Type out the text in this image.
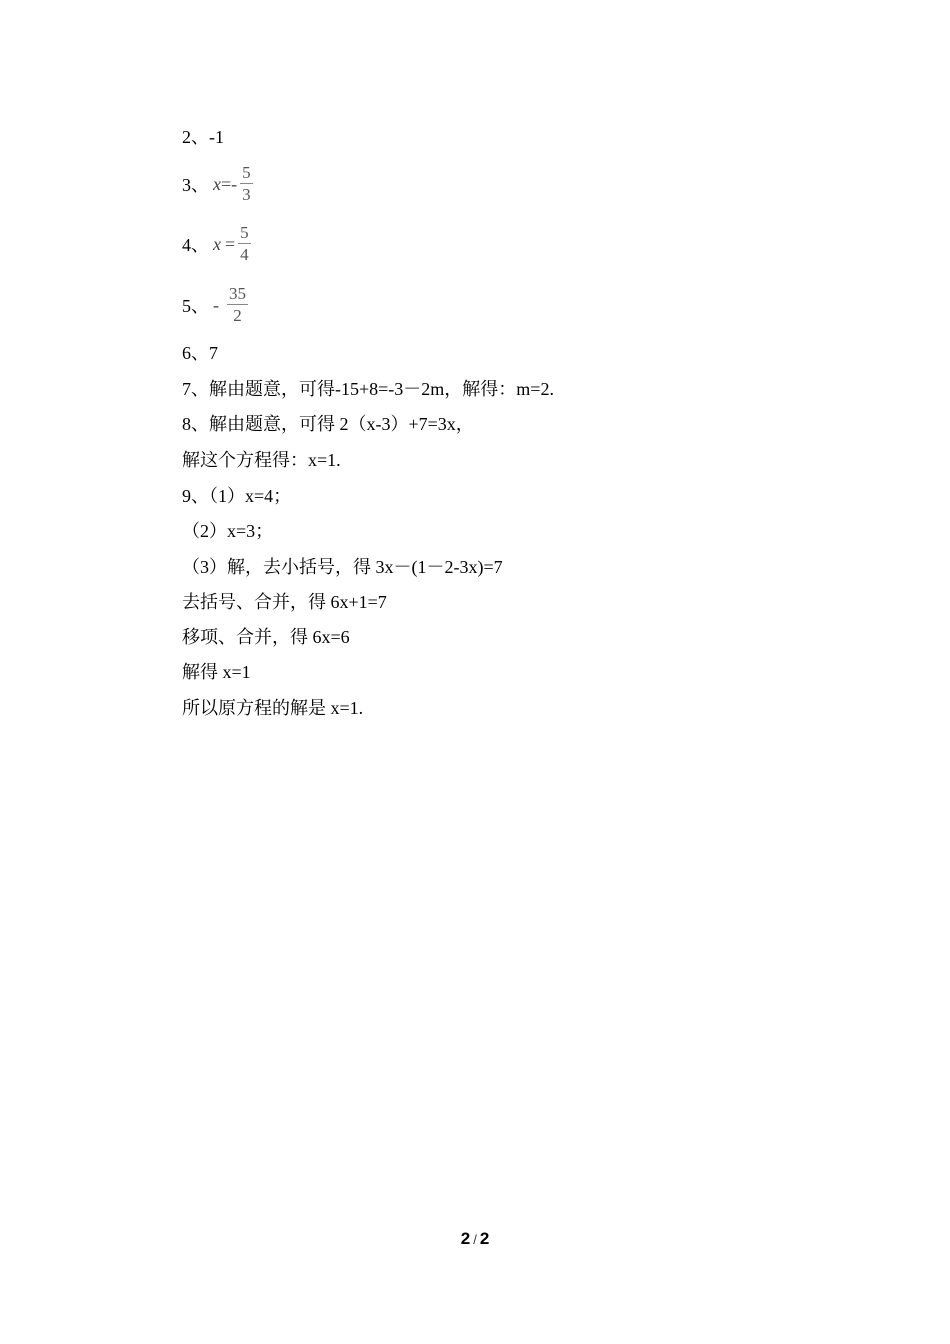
2、-1
3、 $x =- \frac{5}{3}$
4、 $x = \frac{5}{4}$
5、 - $\frac{35}{2}$
6、7
7、解由题意，可得-15+8=-3－2m，解得：m=2.
8、解由题意，可得 2（x-3）+7=3x，
解这个方程得：x=1.
9、（1）x=4；
（2）x=3；
（3）解，去小括号，得 3x－(1－2-3x)=7
去括号、合并，得 6x+1=7
移项、合并，得 6x=6
解得 x=1
所以原方程的解是 x=1.
2 / 2
